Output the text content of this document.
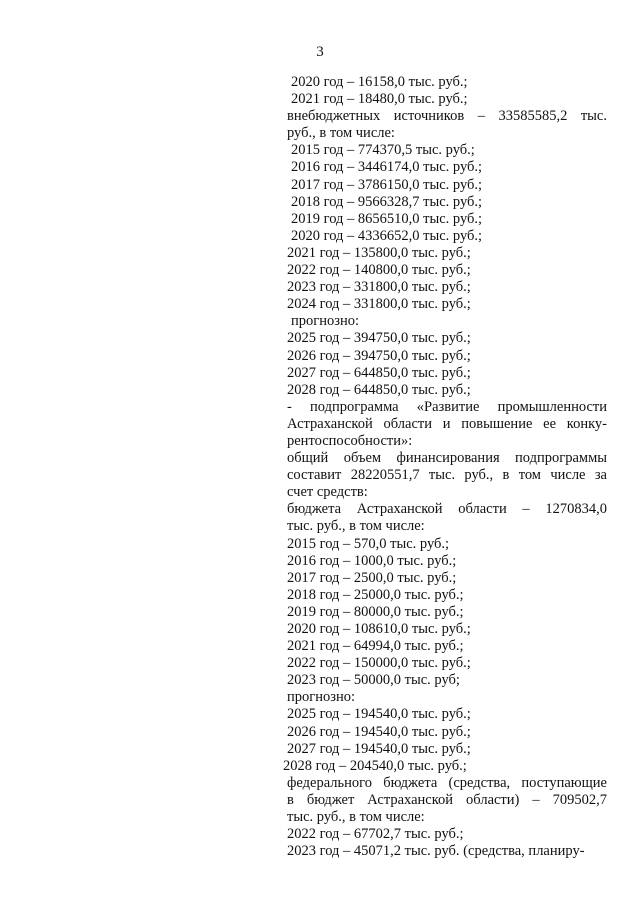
3
2020 год – 16158,0 тыс. руб.;
2021 год – 18480,0 тыс. руб.;
внебюджетных источников – 33585585,2 тыс.
руб., в том числе:
2015 год – 774370,5 тыс. руб.;
2016 год – 3446174,0 тыс. руб.;
2017 год – 3786150,0 тыс. руб.;
2018 год – 9566328,7 тыс. руб.;
2019 год – 8656510,0 тыс. руб.;
2020 год – 4336652,0 тыс. руб.;
2021 год – 135800,0 тыс. руб.;
2022 год – 140800,0 тыс. руб.;
2023 год – 331800,0 тыс. руб.;
2024 год – 331800,0 тыс. руб.;
прогнозно:
2025 год – 394750,0 тыс. руб.;
2026 год – 394750,0 тыс. руб.;
2027 год – 644850,0 тыс. руб.;
2028 год – 644850,0 тыс. руб.;
- подпрограмма «Развитие промышленности
Астраханской области и повышение ее конку-
рентоспособности»:
общий объем финансирования подпрограммы
составит 28220551,7 тыс. руб., в том числе за
счет средств:
бюджета Астраханской области – 1270834,0
тыс. руб., в том числе:
2015 год – 570,0 тыс. руб.;
2016 год – 1000,0 тыс. руб.;
2017 год – 2500,0 тыс. руб.;
2018 год – 25000,0 тыс. руб.;
2019 год – 80000,0 тыс. руб.;
2020 год – 108610,0 тыс. руб.;
2021 год – 64994,0 тыс. руб.;
2022 год – 150000,0 тыс. руб.;
2023 год – 50000,0 тыс. руб;
прогнозно:
2025 год – 194540,0 тыс. руб.;
2026 год – 194540,0 тыс. руб.;
2027 год – 194540,0 тыс. руб.;
2028 год – 204540,0 тыс. руб.;
федерального бюджета (средства, поступающие
в бюджет Астраханской области) – 709502,7
тыс. руб., в том числе:
2022 год – 67702,7 тыс. руб.;
2023 год – 45071,2 тыс. руб. (средства, планиру-
